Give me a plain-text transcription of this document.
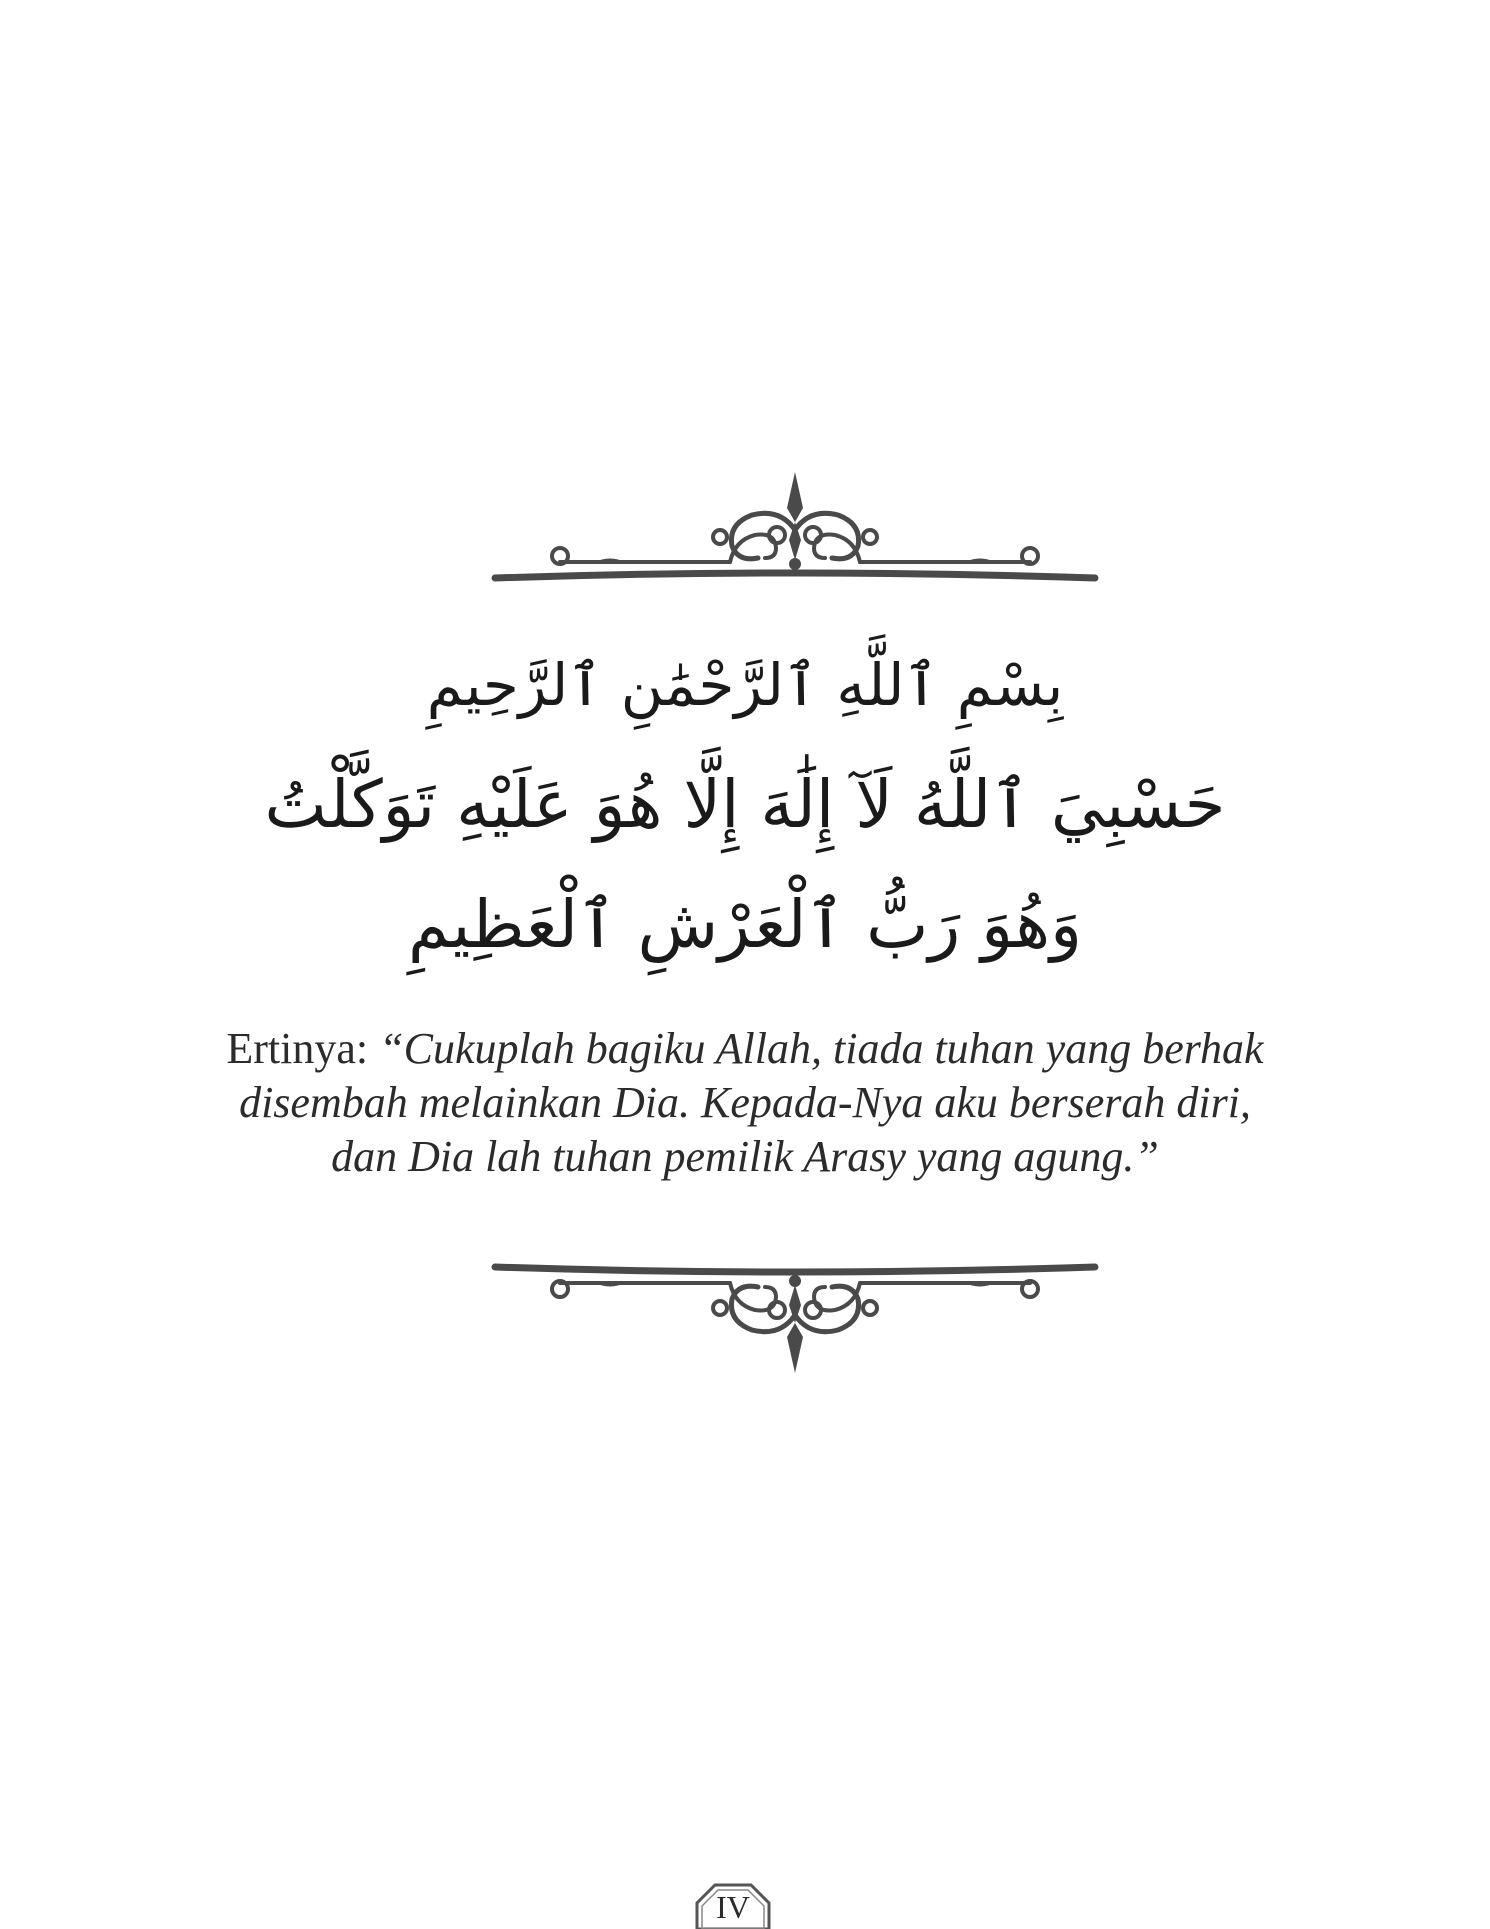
بِسْمِ ٱللَّهِ ٱلرَّحْمَٰنِ ٱلرَّحِيمِ
حَسْبِيَ ٱللَّهُ لَآ إِلَٰهَ إِلَّا هُوَ عَلَيْهِ تَوَكَّلْتُ
وَهُوَ رَبُّ ٱلْعَرْشِ ٱلْعَظِيمِ
Ertinya: “Cukuplah bagiku Allah, tiada tuhan yang berhak
disembah melainkan Dia. Kepada-Nya aku berserah diri,
dan Dia lah tuhan pemilik Arasy yang agung.”
IV
